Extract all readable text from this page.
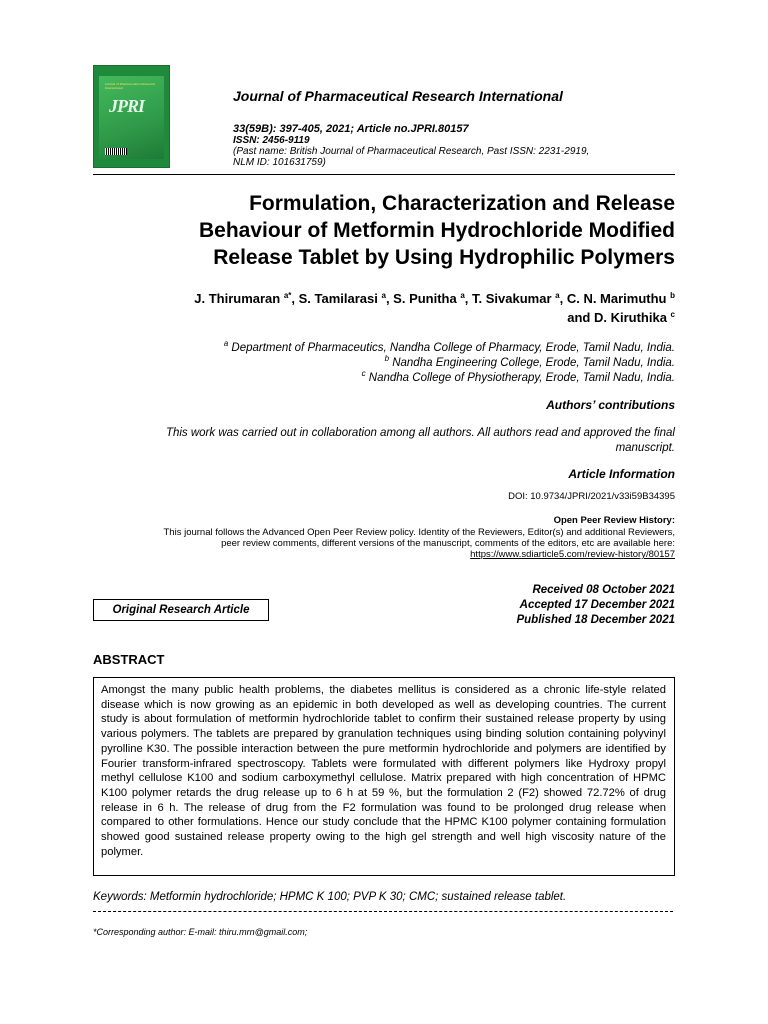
Journal of Pharmaceutical Research International
JPRI	Journal of Pharmaceutical Research International
33(59B): 397-405, 2021; Article no.JPRI.80157
ISSN: 2456-9119
(Past name: British Journal of Pharmaceutical Research, Past ISSN: 2231-2919,
NLM ID: 101631759)
Formulation, Characterization and Release
Behaviour of Metformin Hydrochloride Modified
Release Tablet by Using Hydrophilic Polymers
J. Thirumaran $^{a*}$, S. Tamilarasi $^a$, S. Punitha $^a$, T. Sivakumar $^a$, C. N. Marimuthu $^b$
and D. Kiruthika $^c$
$^a$ Department of Pharmaceutics, Nandha College of Pharmacy, Erode, Tamil Nadu, India.
$^b$ Nandha Engineering College, Erode, Tamil Nadu, India.
$^c$ Nandha College of Physiotherapy, Erode, Tamil Nadu, India.
Authors’ contributions
This work was carried out in collaboration among all authors. All authors read and approved the final
manuscript.
Article Information
DOI: 10.9734/JPRI/2021/v33i59B34395
Open Peer Review History:
This journal follows the Advanced Open Peer Review policy. Identity of the Reviewers, Editor(s) and additional Reviewers,
peer review comments, different versions of the manuscript, comments of the editors, etc are available here:
https://www.sdiarticle5.com/review-history/80157
Original Research Article
Received 08 October 2021
Accepted 17 December 2021
Published 18 December 2021
ABSTRACT
Amongst the many public health problems, the diabetes mellitus is considered as a chronic life-style related disease which is now growing as an epidemic in both developed as well as developing countries. The current study is about formulation of metformin hydrochloride tablet to confirm their sustained release property by using various polymers. The tablets are prepared by granulation techniques using binding solution containing polyvinyl pyrolline K30. The possible interaction between the pure metformin hydrochloride and polymers are identified by Fourier transform-infrared spectroscopy. Tablets were formulated with different polymers like Hydroxy propyl methyl cellulose K100 and sodium carboxymethyl cellulose. Matrix prepared with high concentration of HPMC K100 polymer retards the drug release up to 6 h at 59 %, but the formulation 2 (F2) showed 72.72% of drug release in 6 h. The release of drug from the F2 formulation was found to be prolonged drug release when compared to other formulations. Hence our study conclude that the HPMC K100 polymer containing formulation showed good sustained release property owing to the high gel strength and well high viscosity nature of the polymer.
Keywords: Metformin hydrochloride; HPMC K 100; PVP K 30; CMC; sustained release tablet.
*Corresponding author: E-mail: thiru.mrn@gmail.com;
